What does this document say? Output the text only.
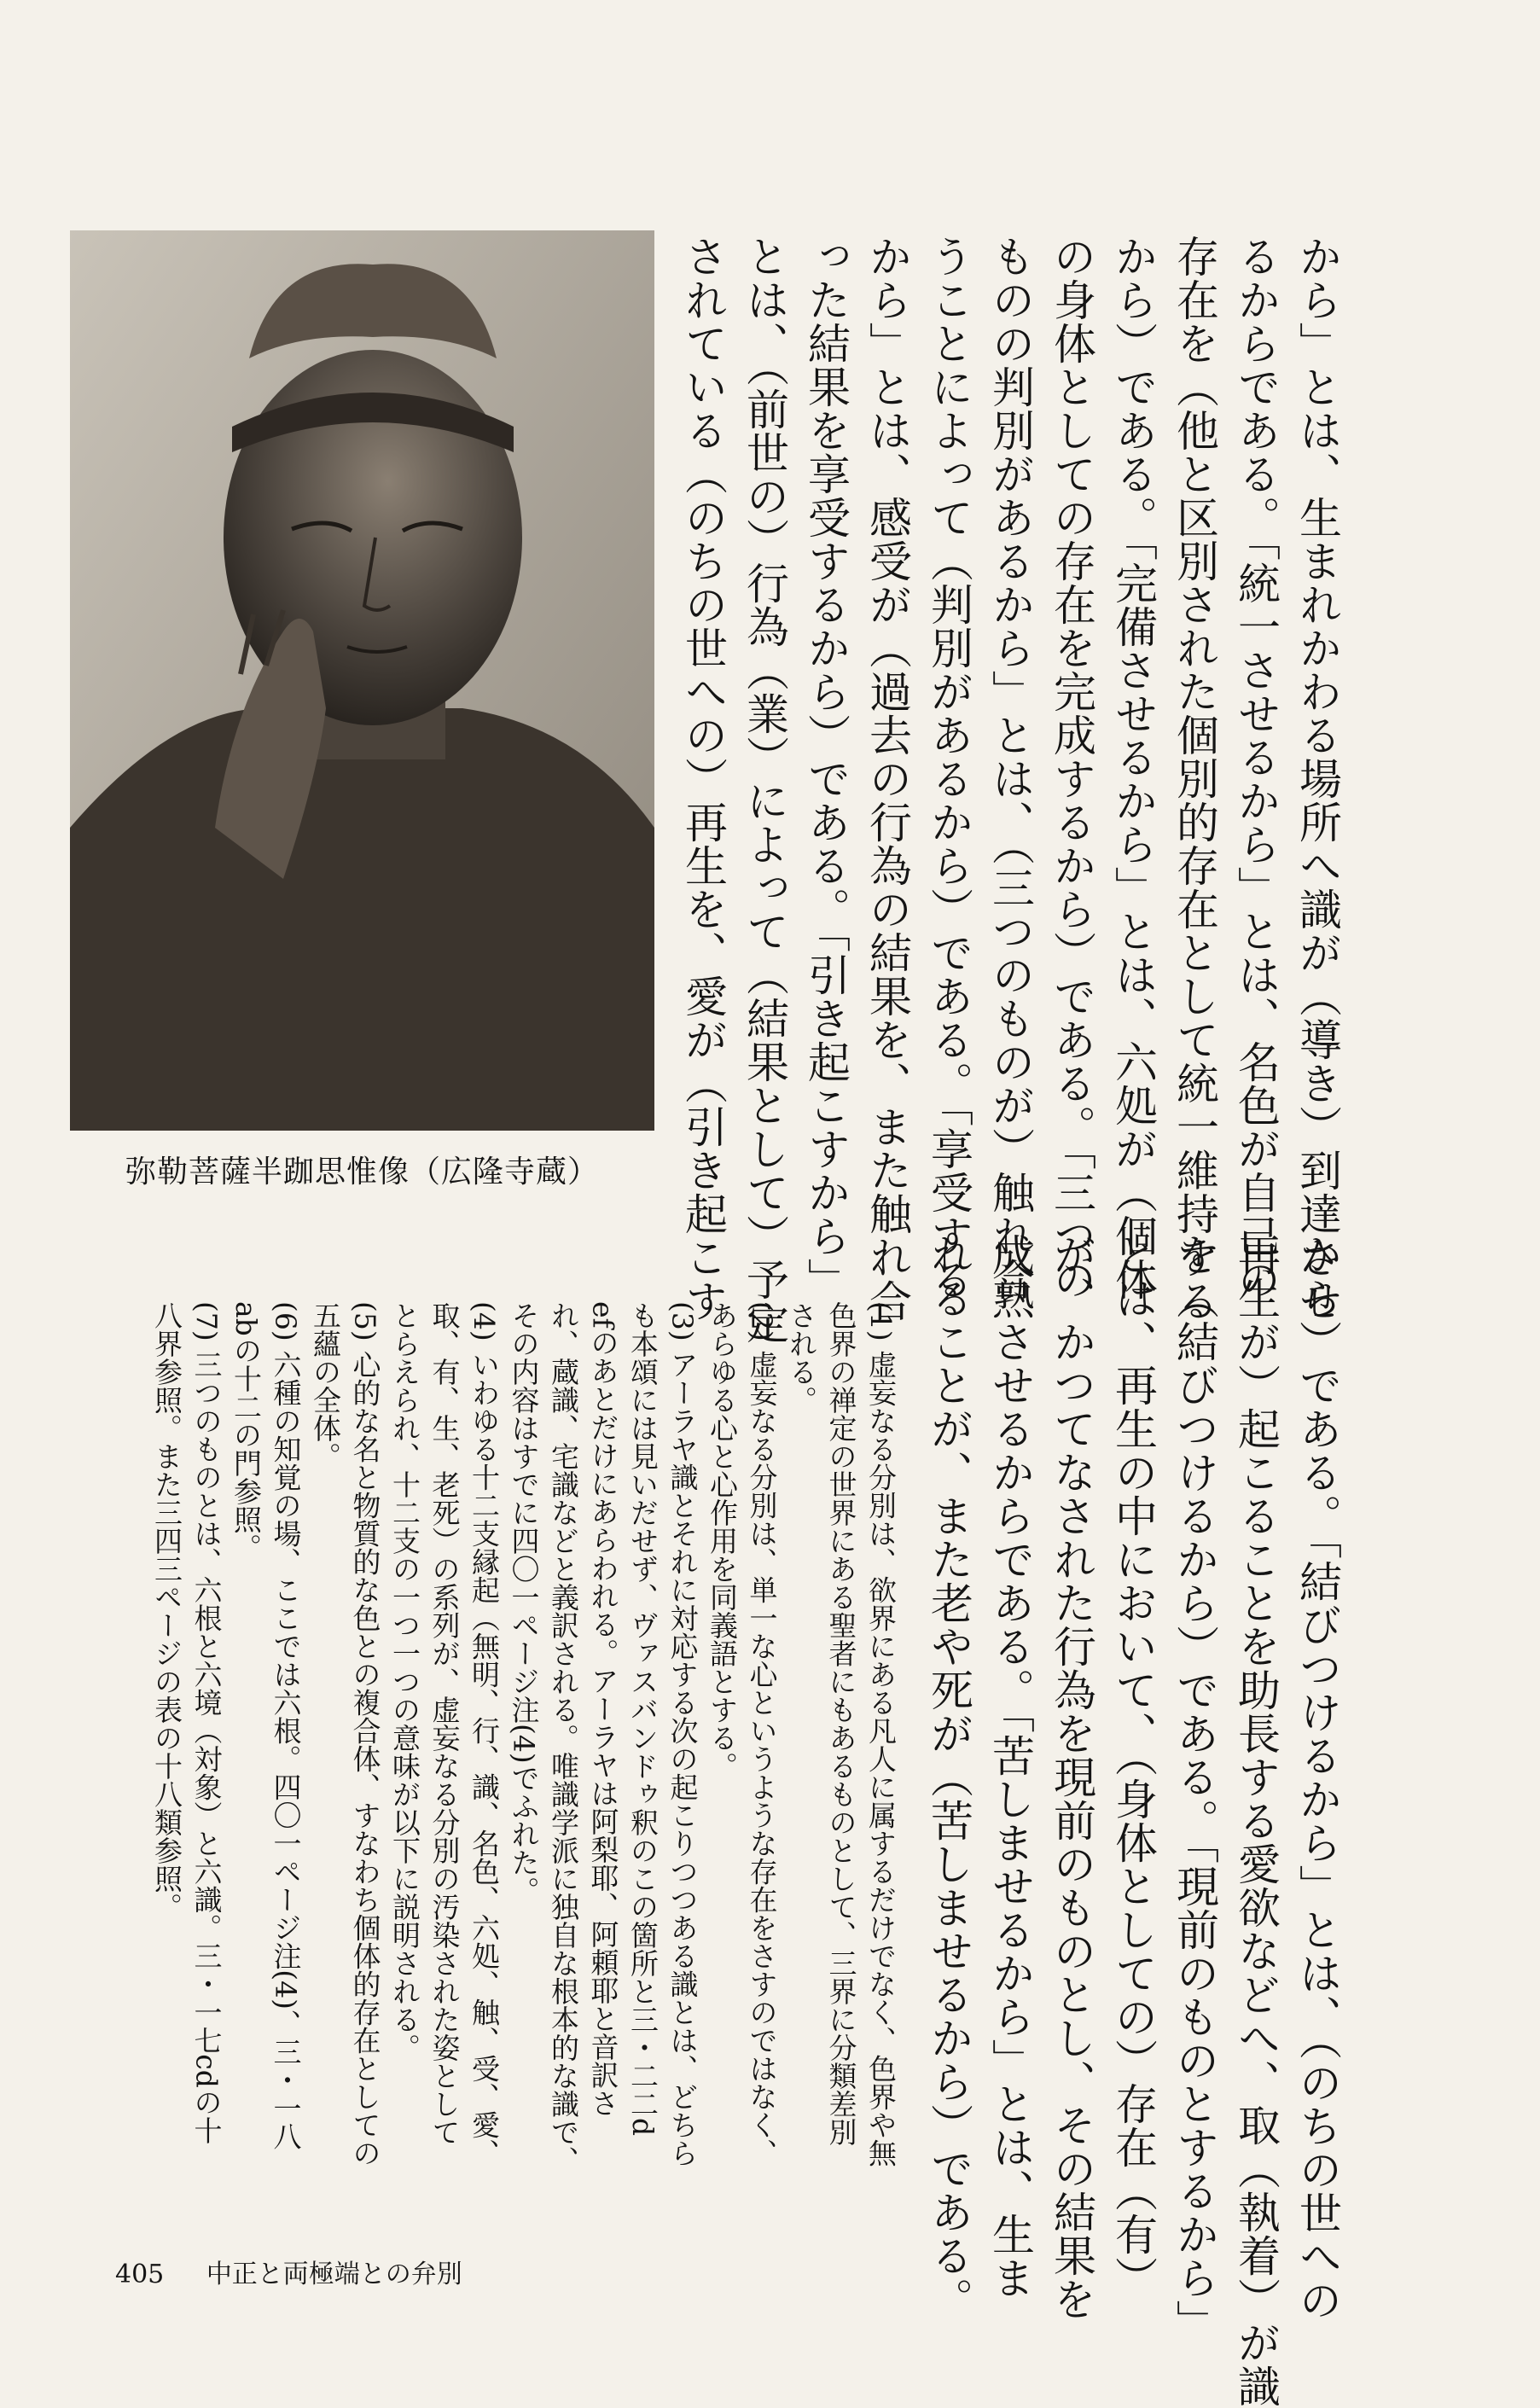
弥勒菩薩半跏思惟像（広隆寺蔵）	から」とは、生まれかわる場所へ識が（導き）到達させ
るからである。「統一させるから」とは、名色が自己の
存在を（他と区別された個別的存在として統一維持する
から）である。「完備させるから」とは、六処が（個体
の身体としての存在を完成するから）である。「三つの
ものの判別があるから」とは、（三つのものが）触れ合
うことによって（判別があるから）である。「享受する
から」とは、感受が（過去の行為の結果を、また触れ合
った結果を享受するから）である。「引き起こすから」
とは、（前世の）行為（業）によって（結果として）予定
されている（のちの世への）再生を、愛が（引き起こす
から）である。「結びつけるから」とは、（のちの世への
再生が）起こることを助長する愛欲などへ、取（執着）が識
を（結びつけるから）である。「現前のものとするから」
とは、再生の中において、（身体としての）存在（有）
が、かつてなされた行為を現前のものとし、その結果を
成熟させるからである。「苦しませるから」とは、生ま
れることが、また老や死が（苦しませるから）である。
(1) 虚妄なる分別は、欲界にある凡人に属するだけでなく、色界や無
色界の禅定の世界にある聖者にもあるものとして、三界に分類差別
される。
(2) 虚妄なる分別は、単一な心というような存在をさすのではなく、
あらゆる心と心作用を同義語とする。
(3) アーラヤ識とそれに対応する次の起こりつつある識とは、どちら
も本頌には見いだせず、ヴァスバンドゥ釈のこの箇所と三・二二d
efのあとだけにあらわれる。アーラヤは阿梨耶、阿頼耶と音訳さ
れ、蔵識、宅識などと義訳される。唯識学派に独自な根本的な識で、
その内容はすでに四〇一ページ注(4)でふれた。
(4) いわゆる十二支縁起（無明、行、識、名色、六処、触、受、愛、
取、有、生、老死）の系列が、虚妄なる分別の汚染された姿として
とらえられ、十二支の一つ一つの意味が以下に説明される。
(5) 心的な名と物質的な色との複合体、すなわち個体的存在としての
五蘊の全体。
(6) 六種の知覚の場、ここでは六根。四〇一ページ注(4)、三・一八
abの十二の門参照。
(7) 三つのものとは、六根と六境（対象）と六識。三・一七cdの十
八界参照。また三四三ページの表の十八類参照。
405 中正と両極端との弁別
